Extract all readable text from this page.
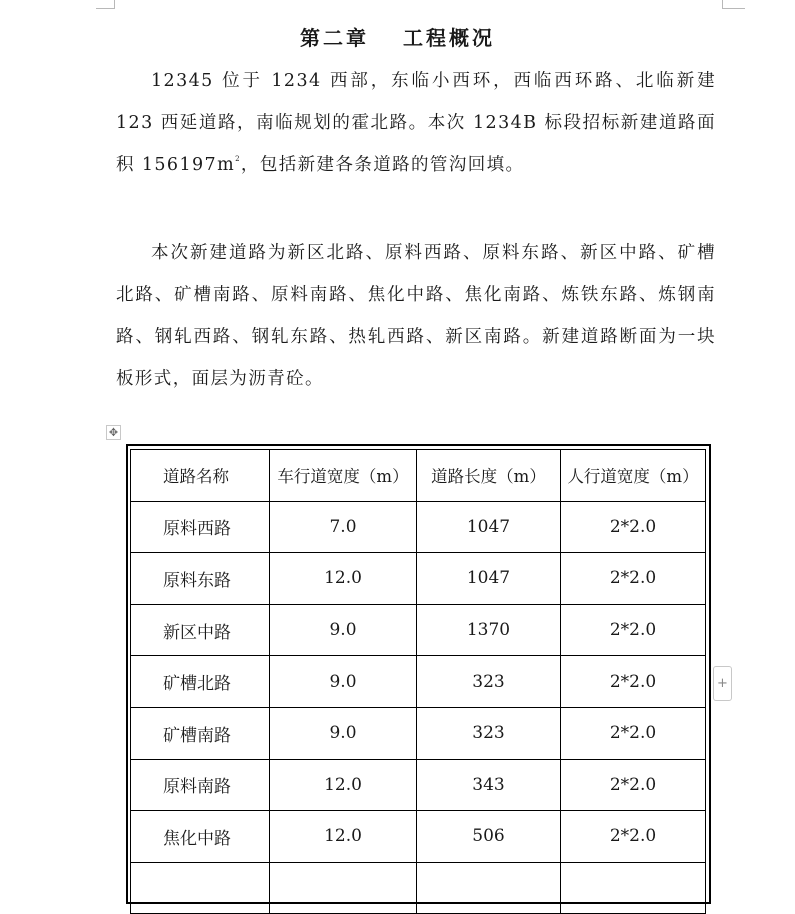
第二章 工程概况

12345 位于 1234 西部，东临小西环，西临西环路、北临新建 123 西延道路，南临规划的霍北路。本次 1234B 标段招标新建道路面积 $156197m^2$，包括新建各条道路的管沟回填。

本次新建道路为新区北路、原料西路、原料东路、新区中路、矿槽北路、矿槽南路、原料南路、焦化中路、焦化南路、炼铁东路、炼钢南路、钢轧西路、钢轧东路、热轧西路、新区南路。新建道路断面为一块板形式，面层为沥青砼。

✥
道路名称	车行道宽度（m）	道路长度（m）	人行道宽度（m）
原料西路	7.0	1047	2*2.0
原料东路	12.0	1047	2*2.0
新区中路	9.0	1370	2*2.0
矿槽北路	9.0	323	2*2.0
矿槽南路	9.0	323	2*2.0
原料南路	12.0	343	2*2.0
焦化中路	12.0	506	2*2.0

+
